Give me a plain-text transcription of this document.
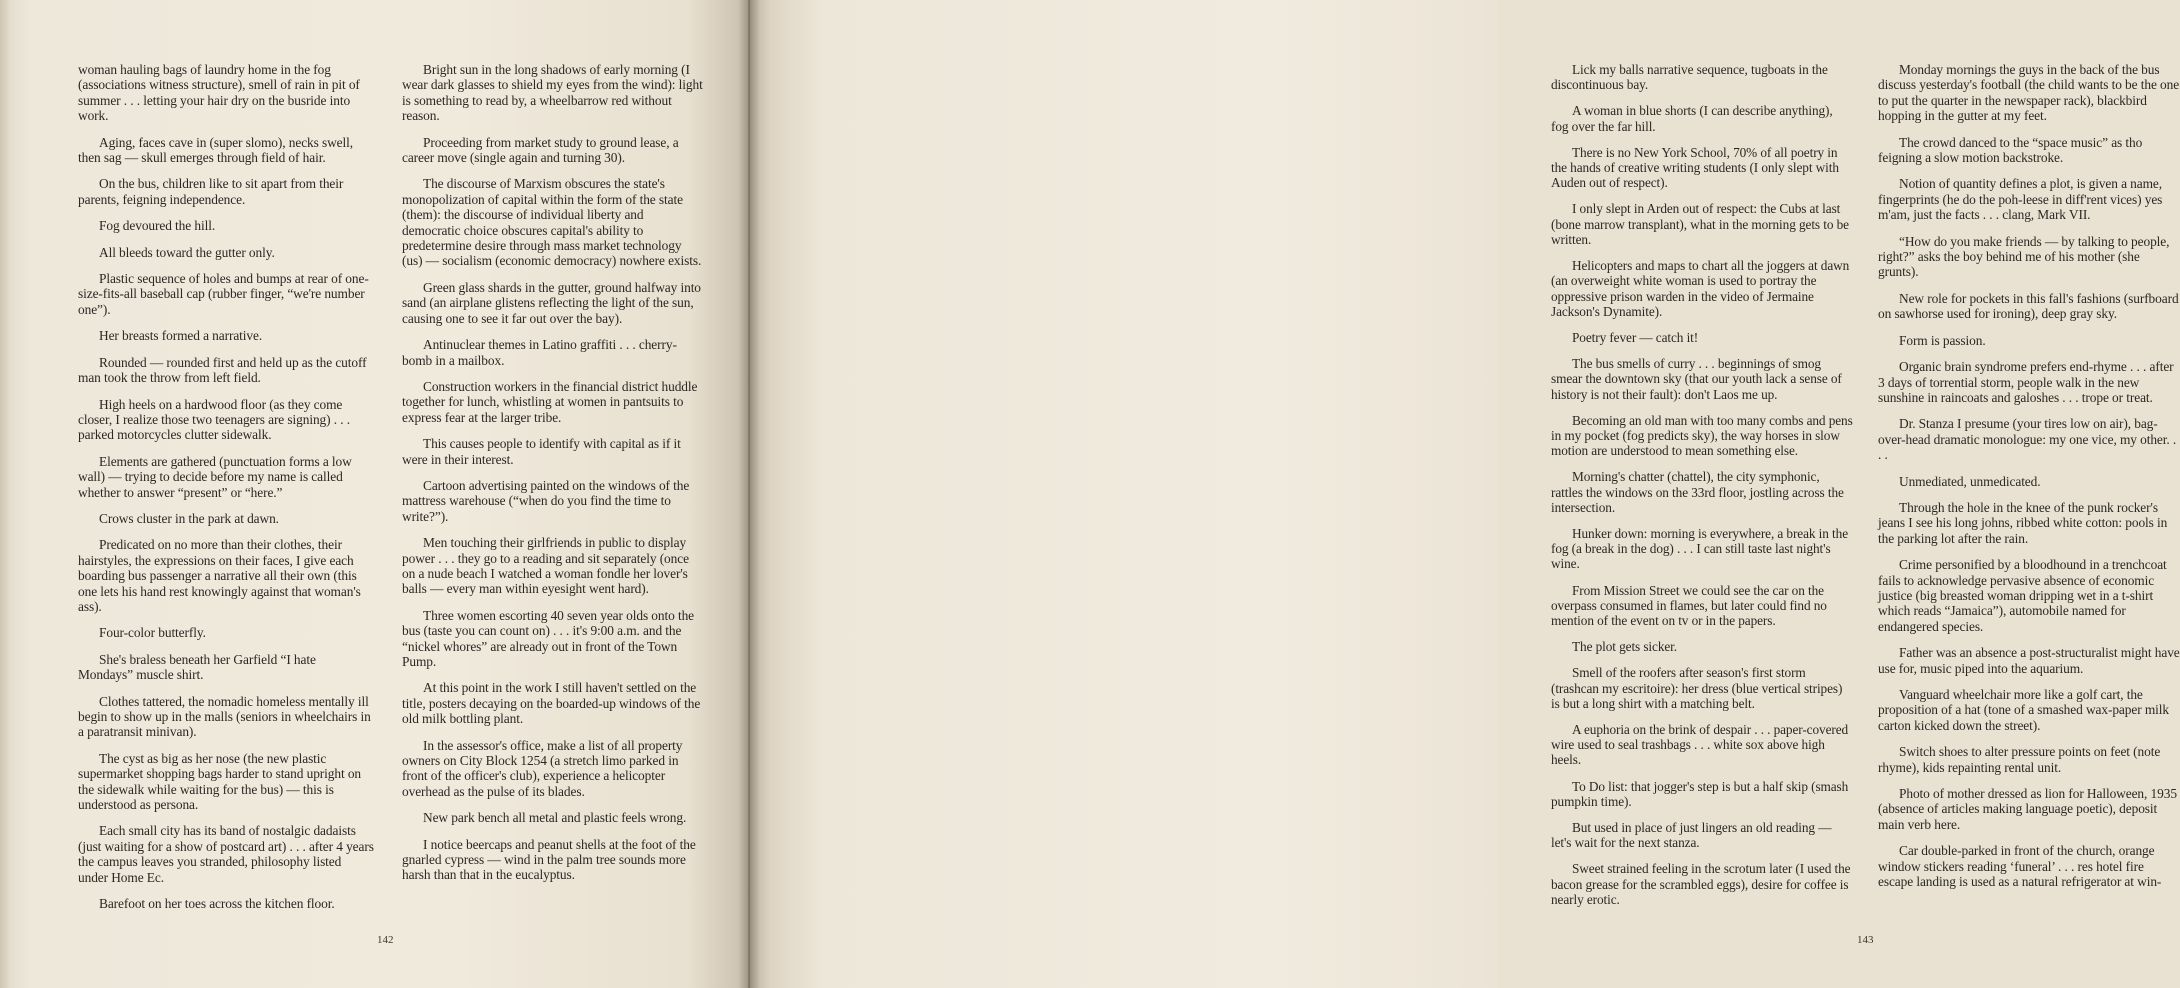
woman hauling bags of laundry home in the fog (associations witness structure), smell of rain in pit of summer . . . letting your hair dry on the busride into work.

Aging, faces cave in (super slomo), necks swell, then sag — skull emerges through field of hair.

On the bus, children like to sit apart from their parents, feigning independence.

Fog devoured the hill.

All bleeds toward the gutter only.

Plastic sequence of holes and bumps at rear of one-size-fits-all baseball cap (rubber finger, “we're number one”).

Her breasts formed a narrative.

Rounded — rounded first and held up as the cutoff man took the throw from left field.

High heels on a hardwood floor (as they come closer, I realize those two teenagers are signing) . . . parked motorcycles clutter sidewalk.

Elements are gathered (punctuation forms a low wall) — trying to decide before my name is called whether to answer “present” or “here.”

Crows cluster in the park at dawn.

Predicated on no more than their clothes, their hairstyles, the expressions on their faces, I give each boarding bus passenger a narrative all their own (this one lets his hand rest knowingly against that woman's ass).

Four-color butterfly.

She's braless beneath her Garfield “I hate Mondays” muscle shirt.

Clothes tattered, the nomadic homeless mentally ill begin to show up in the malls (seniors in wheelchairs in a paratransit minivan).

The cyst as big as her nose (the new plastic supermarket shopping bags harder to stand upright on the sidewalk while waiting for the bus) — this is understood as persona.

Each small city has its band of nostalgic dadaists (just waiting for a show of postcard art) . . . after 4 years the campus leaves you stranded, philosophy listed under Home Ec.

Barefoot on her toes across the kitchen floor.

Bright sun in the long shadows of early morning (I wear dark glasses to shield my eyes from the wind): light is something to read by, a wheelbarrow red without reason.

Proceeding from market study to ground lease, a career move (single again and turning 30).

The discourse of Marxism obscures the state's monopolization of capital within the form of the state (them): the discourse of individual liberty and democratic choice obscures capital's ability to predetermine desire through mass market technology (us) — socialism (economic democracy) nowhere exists.

Green glass shards in the gutter, ground halfway into sand (an airplane glistens reflecting the light of the sun, causing one to see it far out over the bay).

Antinuclear themes in Latino graffiti . . . cherry-bomb in a mailbox.

Construction workers in the financial district huddle together for lunch, whistling at women in pantsuits to express fear at the larger tribe.

This causes people to identify with capital as if it were in their interest.

Cartoon advertising painted on the windows of the mattress warehouse (“when do you find the time to write?”).

Men touching their girlfriends in public to display power . . . they go to a reading and sit separately (once on a nude beach I watched a woman fondle her lover's balls — every man within eyesight went hard).

Three women escorting 40 seven year olds onto the bus (taste you can count on) . . . it's 9:00 a.m. and the “nickel whores” are already out in front of the Town Pump.

At this point in the work I still haven't settled on the title, posters decaying on the boarded-up windows of the old milk bottling plant.

In the assessor's office, make a list of all property owners on City Block 1254 (a stretch limo parked in front of the officer's club), experience a helicopter overhead as the pulse of its blades.

New park bench all metal and plastic feels wrong.

I notice beercaps and peanut shells at the foot of the gnarled cypress — wind in the palm tree sounds more harsh than that in the eucalyptus.

142

Lick my balls narrative sequence, tugboats in the discontinuous bay.

A woman in blue shorts (I can describe anything), fog over the far hill.

There is no New York School, 70% of all poetry in the hands of creative writing students (I only slept with Auden out of respect).

I only slept in Arden out of respect: the Cubs at last (bone marrow transplant), what in the morning gets to be written.

Helicopters and maps to chart all the joggers at dawn (an overweight white woman is used to portray the oppressive prison warden in the video of Jermaine Jackson's Dynamite).

Poetry fever — catch it!

The bus smells of curry . . . beginnings of smog smear the downtown sky (that our youth lack a sense of history is not their fault): don't Laos me up.

Becoming an old man with too many combs and pens in my pocket (fog predicts sky), the way horses in slow motion are understood to mean something else.

Morning's chatter (chattel), the city symphonic, rattles the windows on the 33rd floor, jostling across the intersection.

Hunker down: morning is everywhere, a break in the fog (a break in the dog) . . . I can still taste last night's wine.

From Mission Street we could see the car on the overpass consumed in flames, but later could find no mention of the event on tv or in the papers.

The plot gets sicker.

Smell of the roofers after season's first storm (trashcan my escritoire): her dress (blue vertical stripes) is but a long shirt with a matching belt.

A euphoria on the brink of despair . . . paper-covered wire used to seal trashbags . . . white sox above high heels.

To Do list: that jogger's step is but a half skip (smash pumpkin time).

But used in place of just lingers an old reading — let's wait for the next stanza.

Sweet strained feeling in the scrotum later (I used the bacon grease for the scrambled eggs), desire for coffee is nearly erotic.

Monday mornings the guys in the back of the bus discuss yesterday's football (the child wants to be the one to put the quarter in the newspaper rack), blackbird hopping in the gutter at my feet.

The crowd danced to the “space music” as tho feigning a slow motion backstroke.

Notion of quantity defines a plot, is given a name, fingerprints (he do the poh-leese in diff'rent vices) yes m'am, just the facts . . . clang, Mark VII.

“How do you make friends — by talking to people, right?” asks the boy behind me of his mother (she grunts).

New role for pockets in this fall's fashions (surfboard on sawhorse used for ironing), deep gray sky.

Form is passion.

Organic brain syndrome prefers end-rhyme . . . after 3 days of torrential storm, people walk in the new sunshine in raincoats and galoshes . . . trope or treat.

Dr. Stanza I presume (your tires low on air), bag-over-head dramatic monologue: my one vice, my other. . . .

Unmediated, unmedicated.

Through the hole in the knee of the punk rocker's jeans I see his long johns, ribbed white cotton: pools in the parking lot after the rain.

Crime personified by a bloodhound in a trenchcoat fails to acknowledge pervasive absence of economic justice (big breasted woman dripping wet in a t-shirt which reads “Jamaica”), automobile named for endangered species.

Father was an absence a post-structuralist might have use for, music piped into the aquarium.

Vanguard wheelchair more like a golf cart, the proposition of a hat (tone of a smashed wax-paper milk carton kicked down the street).

Switch shoes to alter pressure points on feet (note rhyme), kids repainting rental unit.

Photo of mother dressed as lion for Halloween, 1935 (absence of articles making language poetic), deposit main verb here.

Car double-parked in front of the church, orange window stickers reading ‘funeral’ . . . res hotel fire escape landing is used as a natural refrigerator at win-

143
